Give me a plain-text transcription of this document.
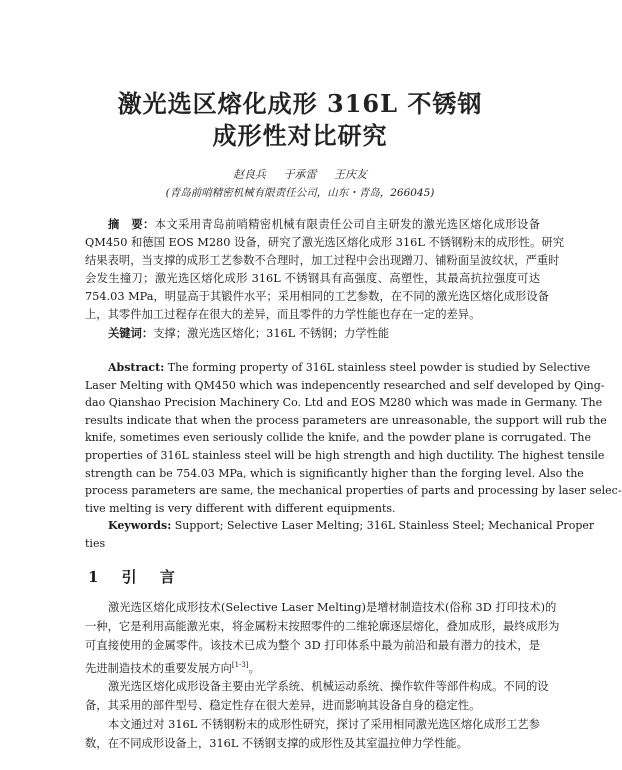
激光选区熔化成形 316L 不锈钢
成形性对比研究
赵良兵 于承雷 王庆友
(青岛前哨精密机械有限责任公司，山东・青岛，266045)
摘　要：本文采用青岛前哨精密机械有限责任公司自主研发的激光选区熔化成形设备
QM450 和德国 EOS M280 设备，研究了激光选区熔化成形 316L 不锈钢粉末的成形性。研究
结果表明，当支撑的成形工艺参数不合理时，加工过程中会出现蹭刀、铺粉面呈波纹状，严重时
会发生撞刀；激光选区熔化成形 316L 不锈钢具有高强度、高塑性，其最高抗拉强度可达
754.03 MPa，明显高于其锻件水平；采用相同的工艺参数，在不同的激光选区熔化成形设备
上，其零件加工过程存在很大的差异，而且零件的力学性能也存在一定的差异。
关键词：支撑；激光选区熔化；316L 不锈钢；力学性能
Abstract: The forming property of 316L stainless steel powder is studied by Selective
Laser Melting with QM450 which was indepencently researched and self developed by Qing-
dao Qianshao Precision Machinery Co. Ltd and EOS M280 which was made in Germany. The
results indicate that when the process parameters are unreasonable, the support will rub the
knife, sometimes even seriously collide the knife, and the powder plane is corrugated. The
properties of 316L stainless steel will be high strength and high ductility. The highest tensile
strength can be 754.03 MPa, which is significantly higher than the forging level. Also the
process parameters are same, the mechanical properties of parts and processing by laser selec-
tive melting is very different with different equipments.
Keywords: Support; Selective Laser Melting; 316L Stainless Steel; Mechanical Proper
ties
1 引 言
激光选区熔化成形技术(Selective Laser Melting)是增材制造技术(俗称 3D 打印技术)的
一种，它是利用高能激光束，将金属粉末按照零件的二维轮廓逐层熔化，叠加成形，最终成形为
可直接使用的金属零件。该技术已成为整个 3D 打印体系中最为前沿和最有潜力的技术，是
先进制造技术的重要发展方向[1-3]。
激光选区熔化成形设备主要由光学系统、机械运动系统、操作软件等部件构成。不同的设
备，其采用的部件型号、稳定性存在很大差异，进而影响其设备自身的稳定性。
本文通过对 316L 不锈钢粉末的成形性研究，探讨了采用相同激光选区熔化成形工艺参
数，在不同成形设备上，316L 不锈钢支撑的成形性及其室温拉伸力学性能。
